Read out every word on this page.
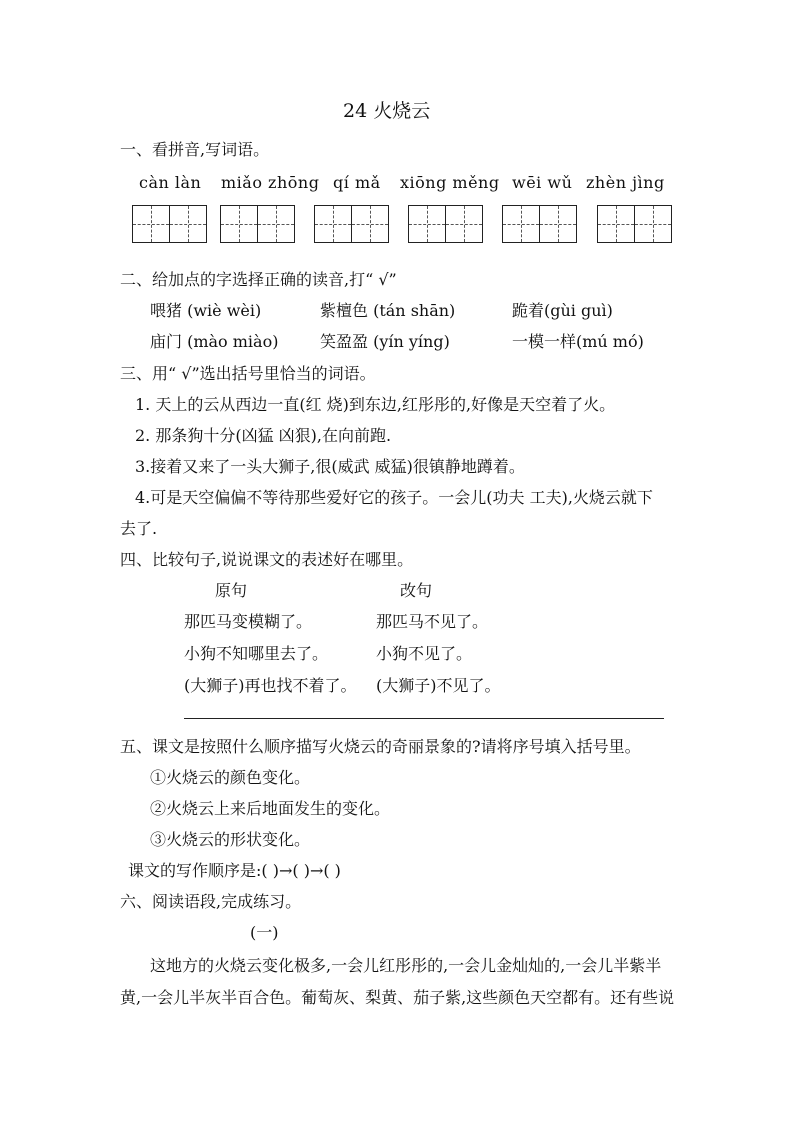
24 火烧云
一、看拼音,写词语。
càn làn miǎo zhōng qí mǎ xiōng měng wēi wǔ zhèn jìng
二、给加点的字选择正确的读音,打“ √”
喂猪 (wiè wèi)	紫檀色 (tán shān)	跪着(gùi guì)
庙门 (mào miào)	笑盈盈 (yín yíng)	一模一样(mú mó)
三、用“ √”选出括号里恰当的词语。
1. 天上的云从西边一直(红 烧)到东边,红彤彤的,好像是天空着了火。
2. 那条狗十分(凶猛 凶狠),在向前跑.
3.接着又来了一头大狮子,很(威武 威猛)很镇静地蹲着。
4.可是天空偏偏不等待那些爱好它的孩子。一会儿(功夫 工夫),火烧云就下
去了.
四、比较句子,说说课文的表述好在哪里。
原句	改句
那匹马变模糊了。	那匹马不见了。
小狗不知哪里去了。	小狗不见了。
(大狮子)再也找不着了。 (大狮子)不见了。
五、课文是按照什么顺序描写火烧云的奇丽景象的?请将序号填入括号里。
①火烧云的颜色变化。
②火烧云上来后地面发生的变化。
③火烧云的形状变化。
课文的写作顺序是:( )→( )→( )
六、阅读语段,完成练习。
(一)
这地方的火烧云变化极多,一会儿红彤彤的,一会儿金灿灿的,一会儿半紫半
黄,一会儿半灰半百合色。葡萄灰、梨黄、茄子紫,这些颜色天空都有。还有些说
